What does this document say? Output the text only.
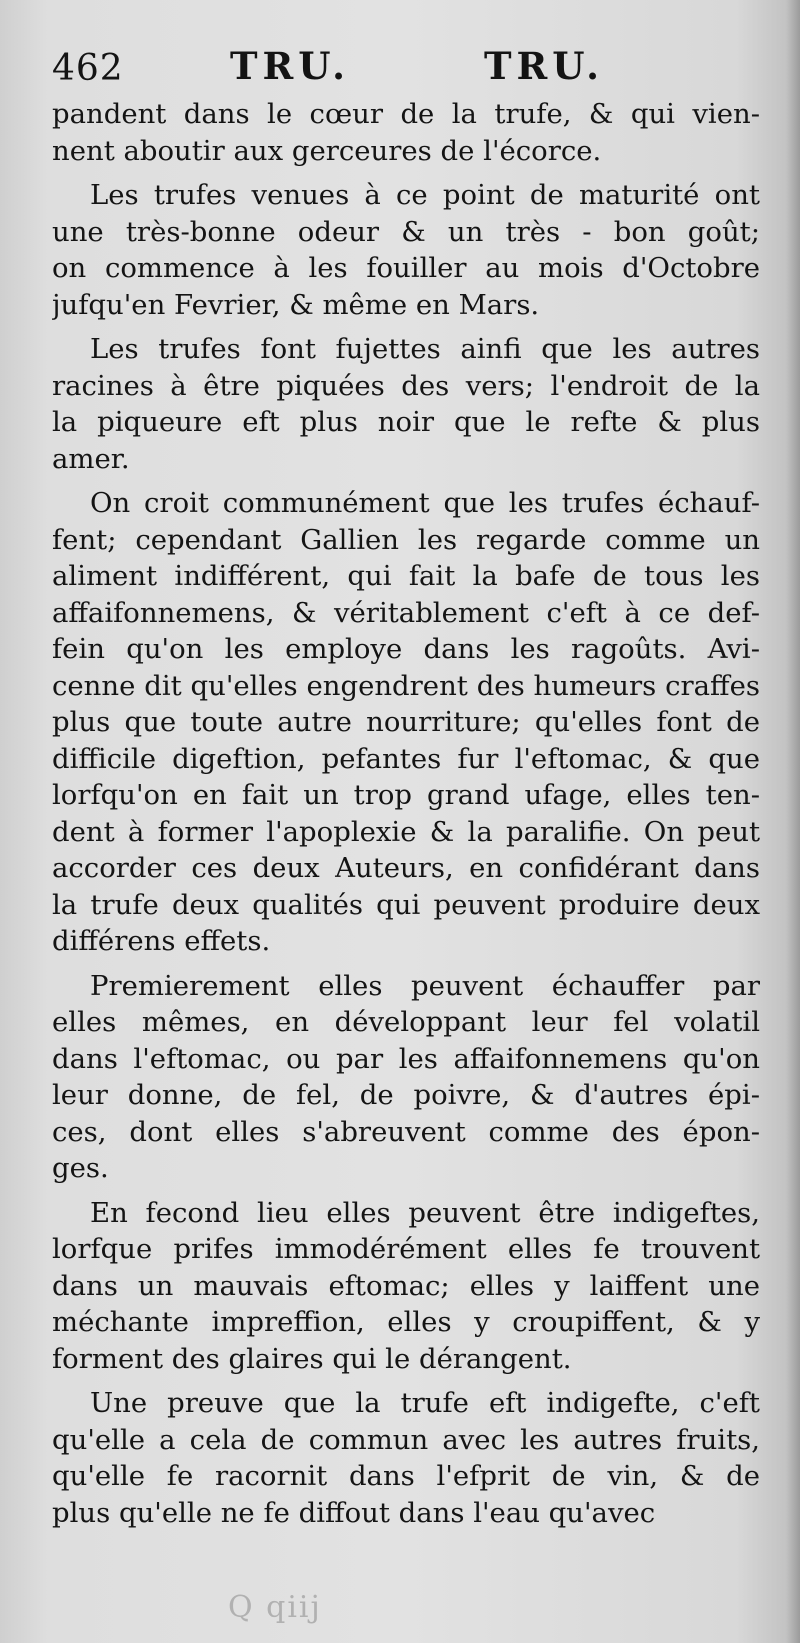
462	TRU.	TRU.
pandent dans le cœur de la trufe, & qui vien-
nent aboutir aux gerceures de l'écorce.
Les trufes venues à ce point de maturité ont
une très-bonne odeur & un très - bon goût;
on commence à les fouiller au mois d'Octobre
jufqu'en Fevrier, & même en Mars.
Les trufes font fujettes ainfi que les autres
racines à être piquées des vers; l'endroit de la
la piqueure eft plus noir que le refte & plus
amer.
On croit communément que les trufes échauf-
fent; cependant Gallien les regarde comme un
aliment indifférent, qui fait la bafe de tous les
affaifonnemens, & véritablement c'eft à ce def-
fein qu'on les employe dans les ragoûts. Avi-
cenne dit qu'elles engendrent des humeurs craffes
plus que toute autre nourriture; qu'elles font de
difficile digeftion, pefantes fur l'eftomac, & que
lorfqu'on en fait un trop grand ufage, elles ten-
dent à former l'apoplexie & la paralifie. On peut
accorder ces deux Auteurs, en confidérant dans
la trufe deux qualités qui peuvent produire deux
différens effets.
Premierement elles peuvent échauffer par
elles mêmes, en développant leur fel volatil
dans l'eftomac, ou par les affaifonnemens qu'on
leur donne, de fel, de poivre, & d'autres épi-
ces, dont elles s'abreuvent comme des épon-
ges.
En fecond lieu elles peuvent être indigeftes,
lorfque prifes immodérément elles fe trouvent
dans un mauvais eftomac; elles y laiffent une
méchante impreffion, elles y croupiffent, & y
forment des glaires qui le dérangent.
Une preuve que la trufe eft indigefte, c'eft
qu'elle a cela de commun avec les autres fruits,
qu'elle fe racornit dans l'efprit de vin, & de
plus qu'elle ne fe diffout dans l'eau qu'avec
Q qiij
